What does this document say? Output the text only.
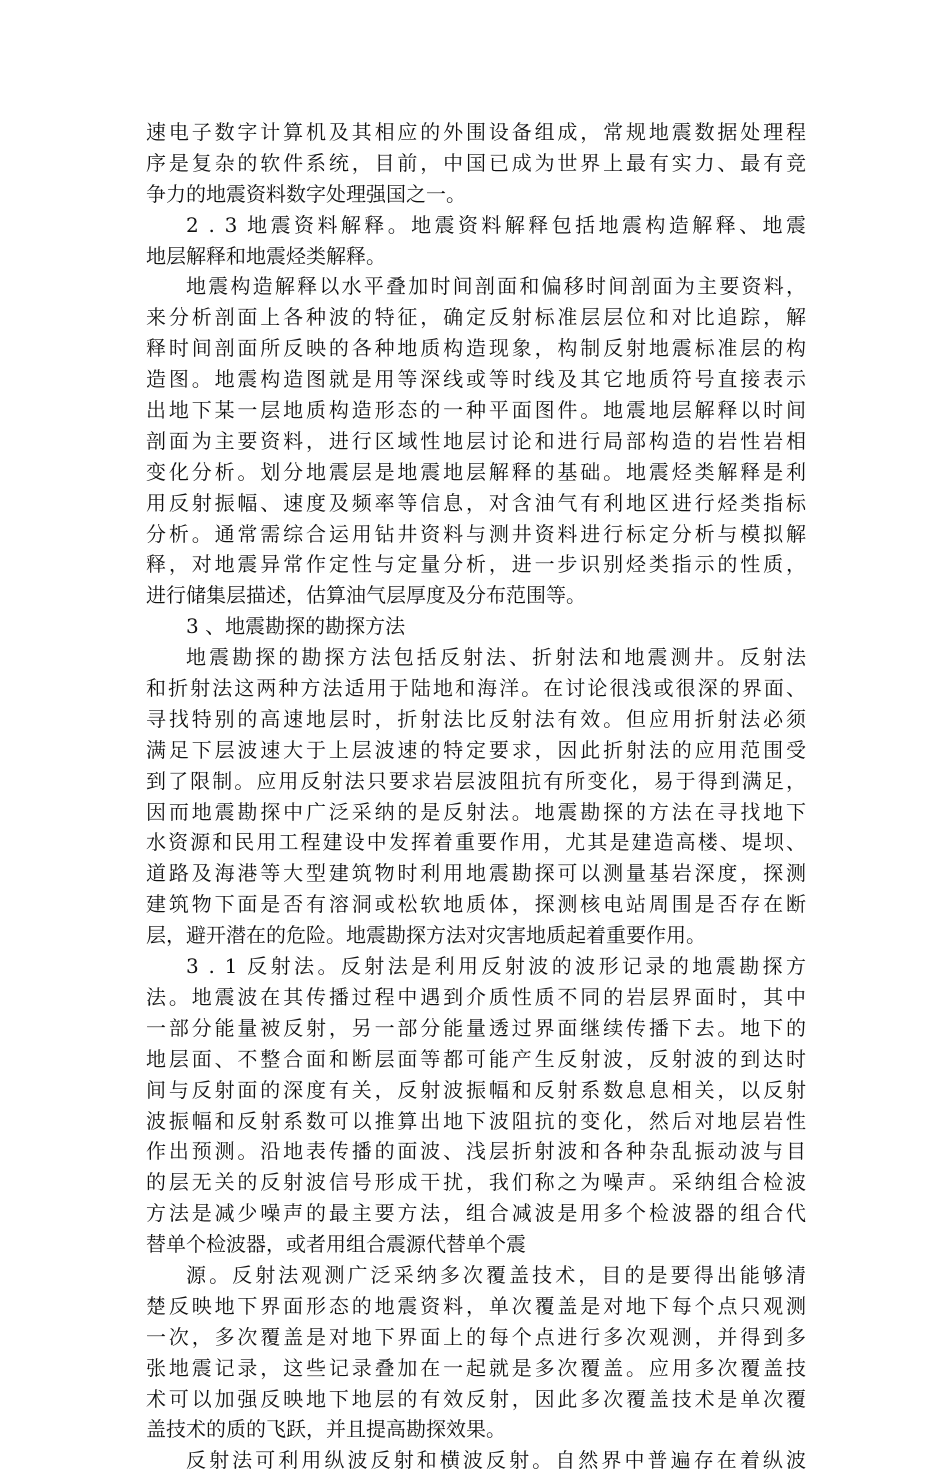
速电子数字计算机及其相应的外围设备组成，常规地震数据处理程
序是复杂的软件系统，目前，中国已成为世界上最有实力、最有竞
争力的地震资料数字处理强国之一。
2 . 3 地震资料解释。地震资料解释包括地震构造解释、地震
地层解释和地震烃类解释。
地震构造解释以水平叠加时间剖面和偏移时间剖面为主要资料，
来分析剖面上各种波的特征，确定反射标准层层位和对比追踪，解
释时间剖面所反映的各种地质构造现象，构制反射地震标准层的构
造图。地震构造图就是用等深线或等时线及其它地质符号直接表示
出地下某一层地质构造形态的一种平面图件。地震地层解释以时间
剖面为主要资料，进行区域性地层讨论和进行局部构造的岩性岩相
变化分析。划分地震层是地震地层解释的基础。地震烃类解释是利
用反射振幅、速度及频率等信息，对含油气有利地区进行烃类指标
分析。通常需综合运用钻井资料与测井资料进行标定分析与模拟解
释，对地震异常作定性与定量分析，进一步识别烃类指示的性质，
进行储集层描述，估算油气层厚度及分布范围等。
3 、地震勘探的勘探方法
地震勘探的勘探方法包括反射法、折射法和地震测井。反射法
和折射法这两种方法适用于陆地和海洋。在讨论很浅或很深的界面、
寻找特别的高速地层时，折射法比反射法有效。但应用折射法必须
满足下层波速大于上层波速的特定要求，因此折射法的应用范围受
到了限制。应用反射法只要求岩层波阻抗有所变化，易于得到满足，
因而地震勘探中广泛采纳的是反射法。地震勘探的方法在寻找地下
水资源和民用工程建设中发挥着重要作用，尤其是建造高楼、堤坝、
道路及海港等大型建筑物时利用地震勘探可以测量基岩深度，探测
建筑物下面是否有溶洞或松软地质体，探测核电站周围是否存在断
层，避开潜在的危险。地震勘探方法对灾害地质起着重要作用。
3 . 1 反射法。反射法是利用反射波的波形记录的地震勘探方
法。地震波在其传播过程中遇到介质性质不同的岩层界面时，其中
一部分能量被反射，另一部分能量透过界面继续传播下去。地下的
地层面、不整合面和断层面等都可能产生反射波，反射波的到达时
间与反射面的深度有关，反射波振幅和反射系数息息相关，以反射
波振幅和反射系数可以推算出地下波阻抗的变化，然后对地层岩性
作出预测。沿地表传播的面波、浅层折射波和各种杂乱振动波与目
的层无关的反射波信号形成干扰，我们称之为噪声。采纳组合检波
方法是减少噪声的最主要方法，组合减波是用多个检波器的组合代
替单个检波器，或者用组合震源代替单个震
源。反射法观测广泛采纳多次覆盖技术，目的是要得出能够清
楚反映地下界面形态的地震资料，单次覆盖是对地下每个点只观测
一次，多次覆盖是对地下界面上的每个点进行多次观测，并得到多
张地震记录，这些记录叠加在一起就是多次覆盖。应用多次覆盖技
术可以加强反映地下地层的有效反射，因此多次覆盖技术是单次覆
盖技术的质的飞跃，并且提高勘探效果。
反射法可利用纵波反射和横波反射。自然界中普遍存在着纵波
